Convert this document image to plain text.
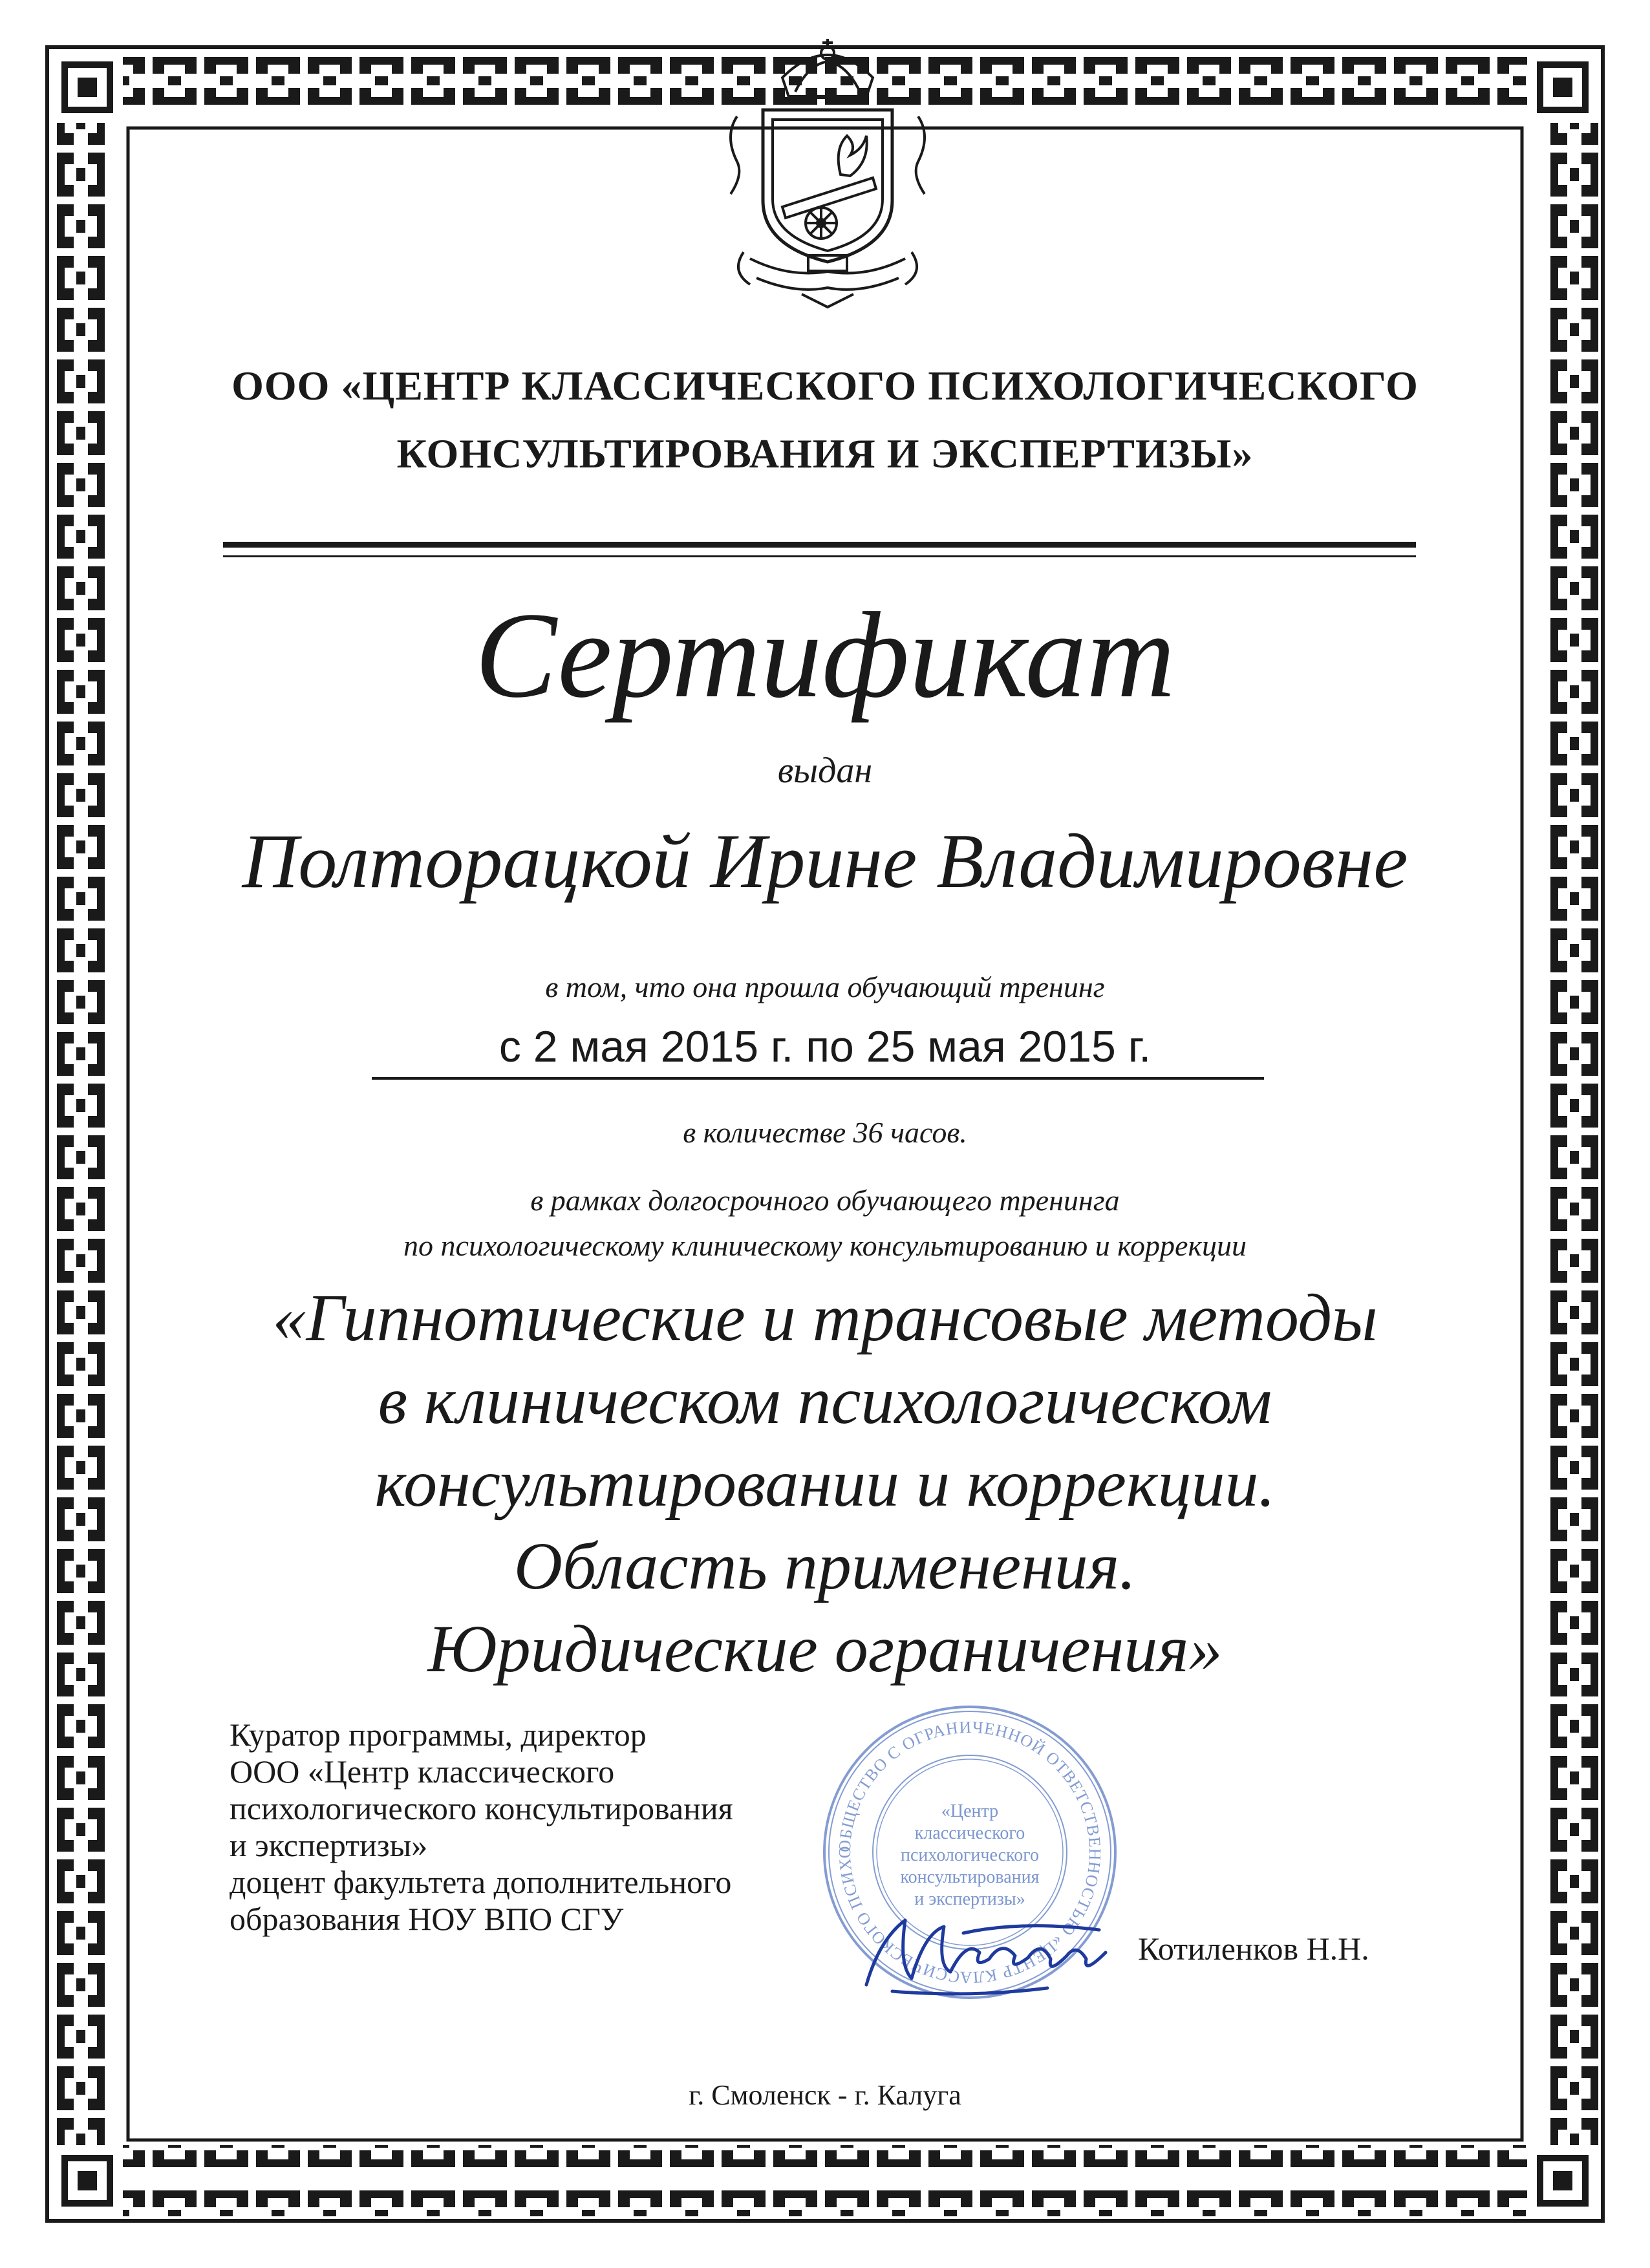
ООО «ЦЕНТР КЛАССИЧЕСКОГО ПСИХОЛОГИЧЕСКОГО
КОНСУЛЬТИРОВАНИЯ И ЭКСПЕРТИЗЫ»
Сертификат
выдан
Полторацкой Ирине Владимировне
в том, что она прошла обучающий тренинг
с 2 мая 2015 г. по 25 мая 2015 г.
в количестве 36 часов.
в рамках долгосрочного обучающего тренинга
по психологическому клиническому консультированию и коррекции
«Гипнотические и трансовые методы
в клиническом психологическом
консультировании и коррекции.
Область применения.
Юридические ограничения»
Куратор программы, директор
ООО «Центр классического
психологического консультирования
и экспертизы»
доцент факультета дополнительного
образования НОУ ВПО СГУ
ОБЩЕСТВО С ОГРАНИЧЕННОЙ ОТВЕТСТВЕННОСТЬЮ «ЦЕНТР КЛАССИЧЕСКОГО ПСИХО
«Центр
классического
психологического
консультирования
и экспертизы»
Котиленков Н.Н.
г. Смоленск - г. Калуга
